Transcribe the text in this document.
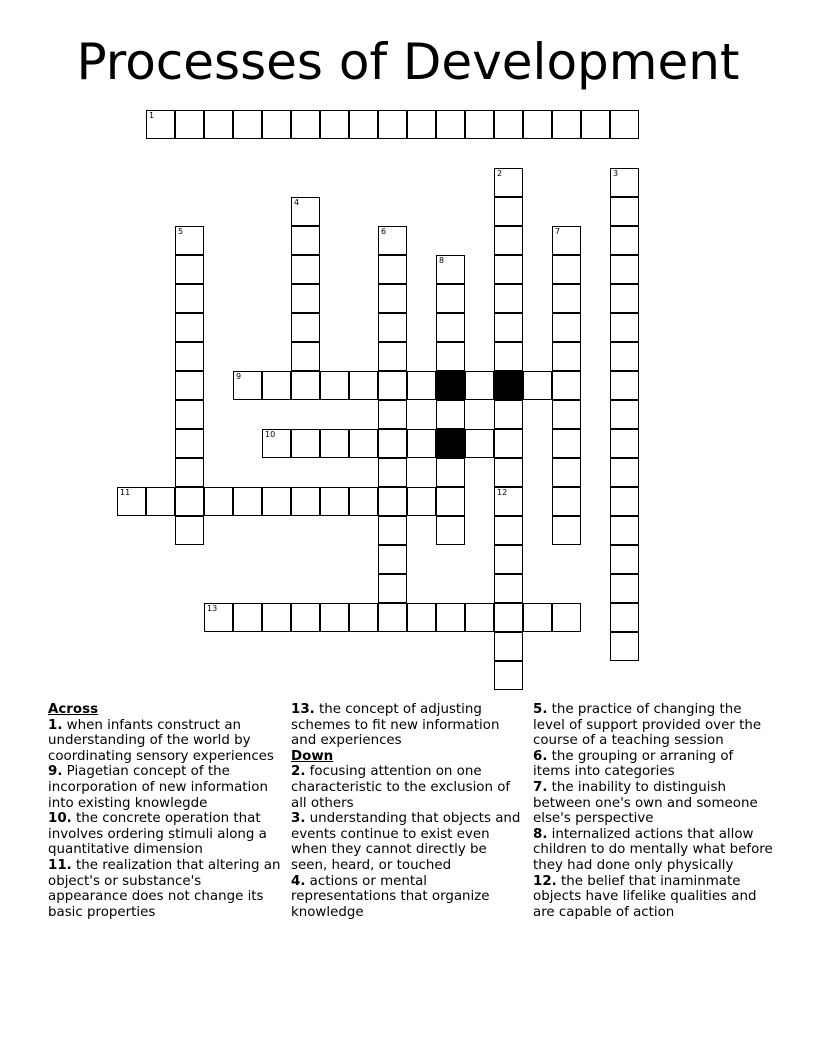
Processes of Development
1
2
12
3
4
5	6	7
8
9
10
11
13
Across
1. when infants construct an understanding of the world by coordinating sensory experiences
9. Piagetian concept of the incorporation of new information into existing knowlegde
10. the concrete operation that involves ordering stimuli along a quantitative dimension
11. the realization that altering an object's or substance's appearance does not change its basic properties
13. the concept of adjusting schemes to fit new information and experiences
Down
2. focusing attention on one characteristic to the exclusion of all others
3. understanding that objects and events continue to exist even when they cannot directly be seen, heard, or touched
4. actions or mental representations that organize knowledge
5. the practice of changing the level of support provided over the course of a teaching session
6. the grouping or arraning of items into categories
7. the inability to distinguish between one's own and someone else's perspective
8. internalized actions that allow children to do mentally what before they had done only physically
12. the belief that inaminmate objects have lifelike qualities and are capable of action
